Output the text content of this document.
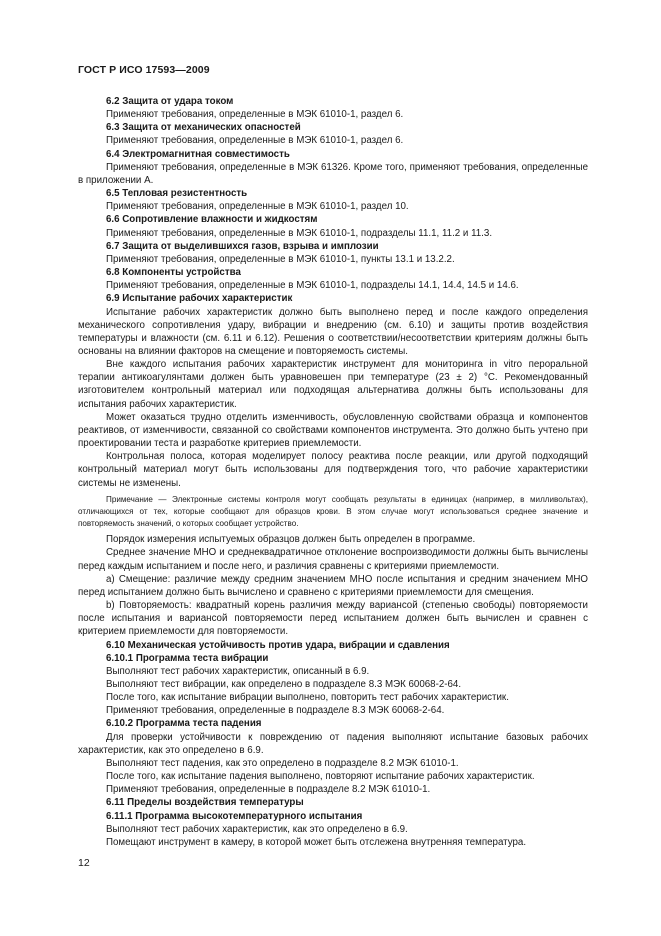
ГОСТ Р ИСО 17593—2009

6.2 Защита от удара током

Применяют требования, определенные в МЭК 61010-1, раздел 6.

6.3 Защита от механических опасностей

Применяют требования, определенные в МЭК 61010-1, раздел 6.

6.4 Электромагнитная совместимость

Применяют требования, определенные в МЭК 61326. Кроме того, применяют требования, определенные в приложении А.

6.5 Тепловая резистентность

Применяют требования, определенные в МЭК 61010-1, раздел 10.

6.6 Сопротивление влажности и жидкостям

Применяют требования, определенные в МЭК 61010-1, подразделы 11.1, 11.2 и 11.3.

6.7 Защита от выделившихся газов, взрыва и имплозии

Применяют требования, определенные в МЭК 61010-1, пункты 13.1 и 13.2.2.

6.8 Компоненты устройства

Применяют требования, определенные в МЭК 61010-1, подразделы 14.1, 14.4, 14.5 и 14.6.

6.9 Испытание рабочих характеристик

Испытание рабочих характеристик должно быть выполнено перед и после каждого определения механического сопротивления удару, вибрации и внедрению (см. 6.10) и защиты против воздействия температуры и влажности (см. 6.11 и 6.12). Решения о соответствии/несоответствии критериям должны быть основаны на влиянии факторов на смещение и повторяемость системы.

Вне каждого испытания рабочих характеристик инструмент для мониторинга in vitro пероральной терапии антикоагулянтами должен быть уравновешен при температуре (23 ± 2) °С. Рекомендованный изготовителем контрольный материал или подходящая альтернатива должны быть использованы для испытания рабочих характеристик.

Может оказаться трудно отделить изменчивость, обусловленную свойствами образца и компонентов реактивов, от изменчивости, связанной со свойствами компонентов инструмента. Это должно быть учтено при проектировании теста и разработке критериев приемлемости.

Контрольная полоса, которая моделирует полосу реактива после реакции, или другой подходящий контрольный материал могут быть использованы для подтверждения того, что рабочие характеристики системы не изменены.

Примечание — Электронные системы контроля могут сообщать результаты в единицах (например, в милливольтах), отличающихся от тех, которые сообщают для образцов крови. В этом случае могут использоваться среднее значение и повторяемость значений, о которых сообщает устройство.

Порядок измерения испытуемых образцов должен быть определен в программе.

Среднее значение МНО и среднеквадратичное отклонение воспроизводимости должны быть вычислены перед каждым испытанием и после него, и различия сравнены с критериями приемлемости.

а) Смещение: различие между средним значением МНО после испытания и средним значением МНО перед испытанием должно быть вычислено и сравнено с критериями приемлемости для смещения.

b) Повторяемость: квадратный корень различия между вариансой (степенью свободы) повторяемости после испытания и вариансой повторяемости перед испытанием должен быть вычислен и сравнен с критерием приемлемости для повторяемости.

6.10 Механическая устойчивость против удара, вибрации и сдавления

6.10.1 Программа теста вибрации

Выполняют тест рабочих характеристик, описанный в 6.9.

Выполняют тест вибрации, как определено в подразделе 8.3 МЭК 60068-2-64.

После того, как испытание вибрации выполнено, повторить тест рабочих характеристик.

Применяют требования, определенные в подразделе 8.3 МЭК 60068-2-64.

6.10.2 Программа теста падения

Для проверки устойчивости к повреждению от падения выполняют испытание базовых рабочих характеристик, как это определено в 6.9.

Выполняют тест падения, как это определено в подразделе 8.2 МЭК 61010-1.

После того, как испытание падения выполнено, повторяют испытание рабочих характеристик.

Применяют требования, определенные в подразделе 8.2 МЭК 61010-1.

6.11 Пределы воздействия температуры

6.11.1 Программа высокотемпературного испытания

Выполняют тест рабочих характеристик, как это определено в 6.9.

Помещают инструмент в камеру, в которой может быть отслежена внутренняя температура.

12
